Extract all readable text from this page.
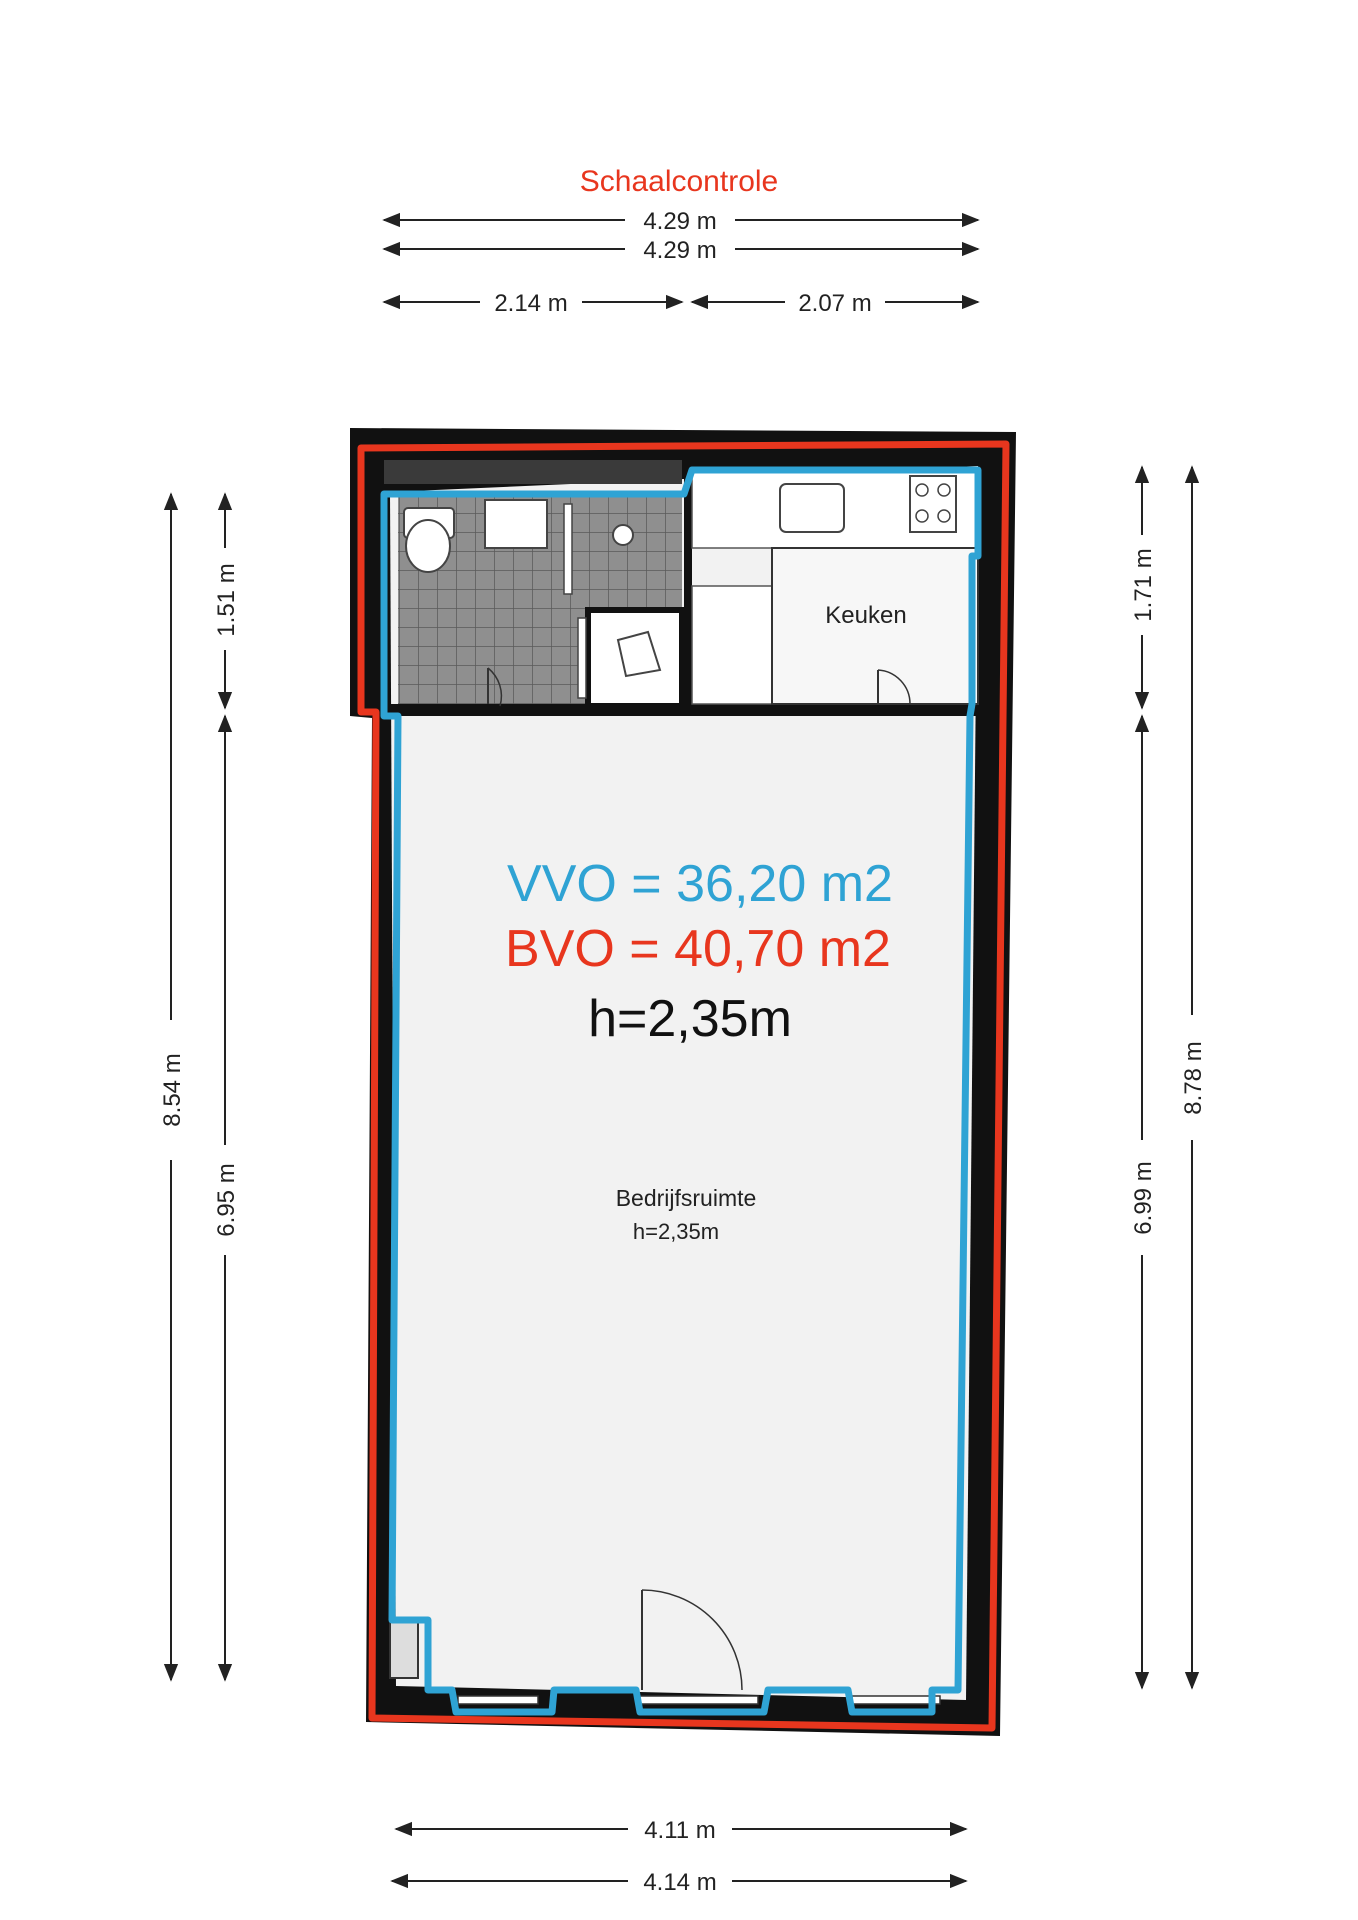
Schaalcontrole
4.29 m
4.29 m
2.14 m	2.07 m
8.54 m
1.51 m
6.95 m
8.78 m
1.71 m
6.99 m
4.11 m
4.14 m
Keuken
VVO = 36,20 m2
BVO = 40,70 m2
h=2,35m
Bedrijfsruimte
h=2,35m
